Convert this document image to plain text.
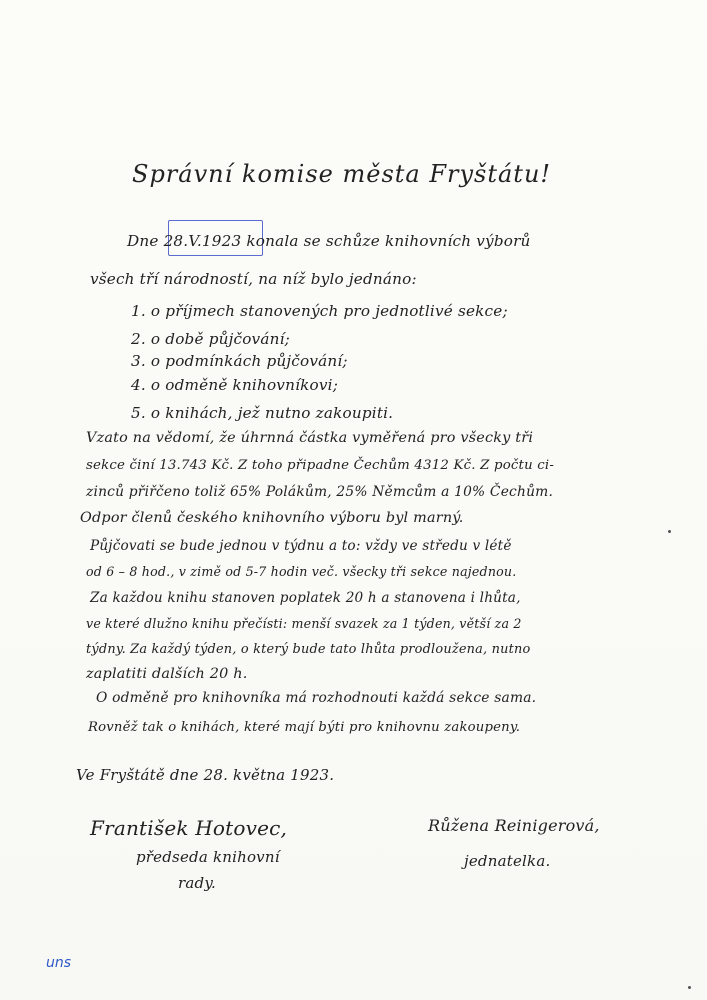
Správní komise města Fryštátu!
Dne 28.V.1923 konala se schůze knihovních výborů
všech tří národností, na níž bylo jednáno:
1. o příjmech stanovených pro jednotlivé sekce;
2. o době půjčování;
3. o podmínkách půjčování;
4. o odměně knihovníkovi;
5. o knihách, jež nutno zakoupiti.
Vzato na vědomí, že úhrnná částka vyměřená pro všecky tři
sekce činí 13.743 Kč. Z toho připadne Čechům 4312 Kč. Z počtu ci-
zinců přiřčeno toliž 65% Polákům, 25% Němcům a 10% Čechům.
Odpor členů českého knihovního výboru byl marný.
Půjčovati se bude jednou v týdnu a to: vždy ve středu v létě
od 6 – 8 hod., v zimě od 5-7 hodin več. všecky tři sekce najednou.
Za každou knihu stanoven poplatek 20 h a stanovena i lhůta,
ve které dlužno knihu přečísti: menší svazek za 1 týden, větší za 2
týdny. Za každý týden, o který bude tato lhůta prodloužena, nutno
zaplatiti dalších 20 h.
O odměně pro knihovníka má rozhodnouti každá sekce sama.
Rovněž tak o knihách, které mají býti pro knihovnu zakoupeny.
Ve Fryštátě dne 28. května 1923.
František Hotovec,
předseda knihovní
rady.
Růžena Reinigerová,
jednatelka.
uns
